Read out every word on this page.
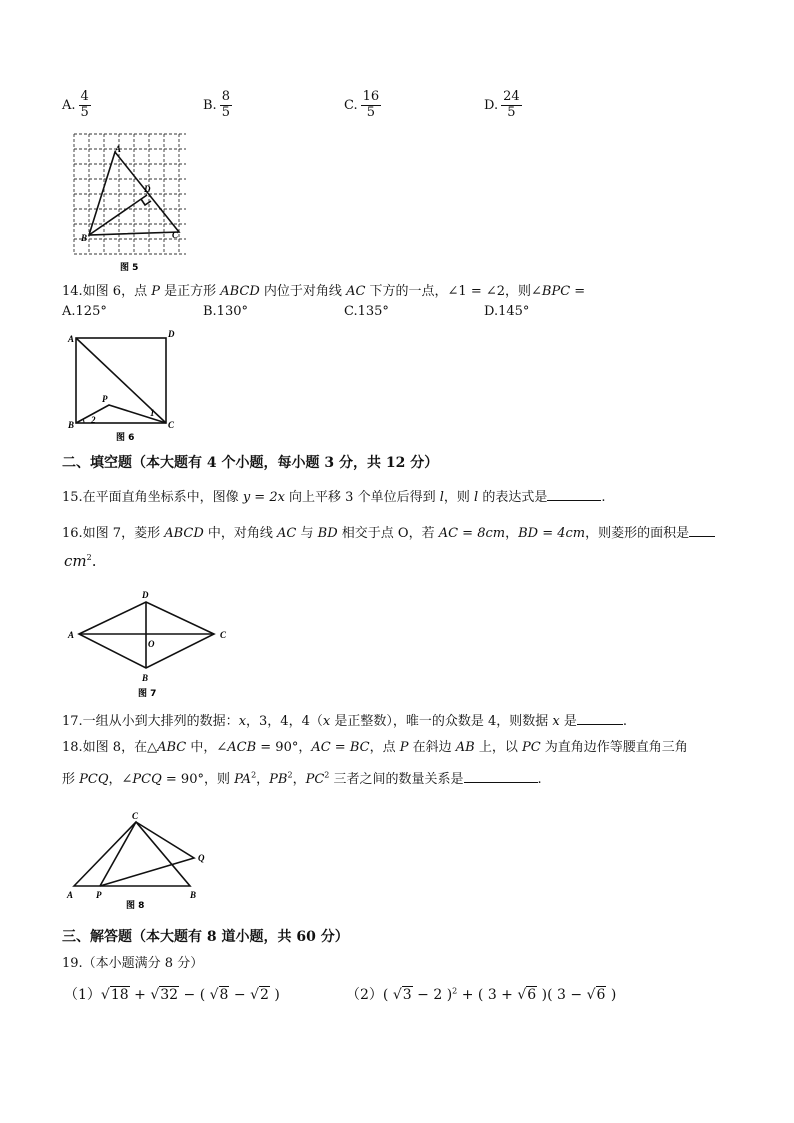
A. $\frac{4}{5}$	B. $\frac{8}{5}$	C. $\frac{16}{5}$	D. $\frac{24}{5}$
A
B	C
D
图 5
14.如图 6，点 P 是正方形 ABCD 内位于对角线 AC 下方的一点，∠1 = ∠2，则∠BPC =
A.125°	B.130°	C.135°	D.145°
A	D
B	C
P
2
1
图 6
二、填空题（本大题有 4 个小题，每小题 3 分，共 12 分）
15.在平面直角坐标系中，图像 y = 2x 向上平移 3 个单位后得到 l，则 l 的表达式是	.
16.如图 7，菱形 ABCD 中，对角线 AC 与 BD 相交于点 O，若 AC = 8cm，BD = 4cm，则菱形的面积是
$cm^2$.
A
D
C
B
O
图 7
17.一组从小到大排列的数据：x，3，4，4（x 是正整数），唯一的众数是 4，则数据 x 是	.
18.如图 8，在△ABC 中，∠ACB = 90°，AC = BC，点 P 在斜边 AB 上，以 PC 为直角边作等腰直角三角
形 PCQ，∠PCQ = 90°，则 $PA^2$，$PB^2$，$PC^2$ 三者之间的数量关系是	.
C
Q
A	P	B
图 8
三、解答题（本大题有 8 道小题，共 60 分）
19.（本小题满分 8 分）
（1）√18 + √32 − ( √8 − √2 )	（2）( √3 − 2 )$^2$ + ( 3 + √6 )( 3 − √6 )
